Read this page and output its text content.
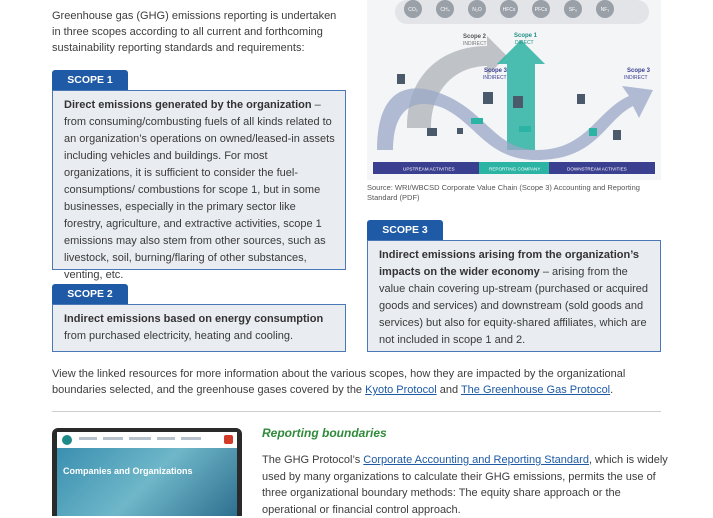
Greenhouse gas (GHG) emissions reporting is undertaken in three scopes according to all current and forthcoming sustainability reporting standards and requirements:
SCOPE 1
Direct emissions generated by the organization – from consuming/combusting fuels of all kinds related to an organization’s operations on owned/leased-in assets including vehicles and buildings. For most organizations, it is sufficient to consider the fuel-consumptions/ combustions for scope 1, but in some businesses, especially in the primary sector like forestry, agriculture, and extractive activities, scope 1 emissions may also stem from other sources, such as livestock, soil, burning/flaring of other substances, venting, etc.
SCOPE 2
Indirect emissions based on energy consumption
from purchased electricity, heating and cooling.
CO₂	CH₄	N₂O	HFCs	PFCs	SF₆	NF₃
Scope 2
INDIRECT
Scope 1
DIRECT
Scope 3
INDIRECT
Scope 3
INDIRECT
UPSTREAM ACTIVITIES	REPORTING COMPANY	DOWNSTREAM ACTIVITIES
Source: WRI/WBCSD Corporate Value Chain (Scope 3) Accounting and Reporting Standard (PDF)
SCOPE 3
Indirect emissions arising from the organization’s impacts on the wider economy – arising from the value chain covering up-stream (purchased or acquired goods and services) and downstream (sold goods and services) but also for equity-shared affiliates, which are not included in scope 1 and 2.
View the linked resources for more information about the various scopes, how they are impacted by the organizational boundaries selected, and the greenhouse gases covered by the Kyoto Protocol and The Greenhouse Gas Protocol.
Companies and Organizations
Reporting boundaries
The GHG Protocol’s Corporate Accounting and Reporting Standard, which is widely used by many organizations to calculate their GHG emissions, permits the use of three organizational boundary methods: The equity share approach or the operational or financial control approach.
